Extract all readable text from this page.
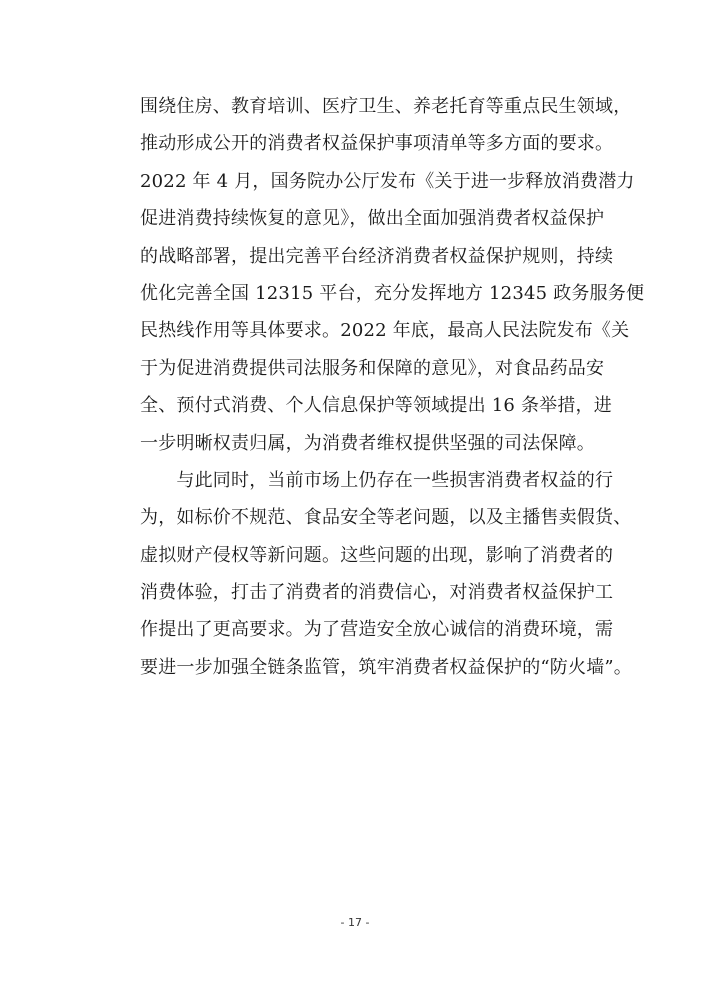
围绕住房、教育培训、医疗卫生、养老托育等重点民生领域，
推动形成公开的消费者权益保护事项清单等多方面的要求。
2022 年 4 月，国务院办公厅发布《关于进一步释放消费潜力
促进消费持续恢复的意见》，做出全面加强消费者权益保护
的战略部署，提出完善平台经济消费者权益保护规则，持续
优化完善全国 12315 平台，充分发挥地方 12345 政务服务便
民热线作用等具体要求。2022 年底，最高人民法院发布《关
于为促进消费提供司法服务和保障的意见》，对食品药品安
全、预付式消费、个人信息保护等领域提出 16 条举措，进
一步明晰权责归属，为消费者维权提供坚强的司法保障。
　　与此同时，当前市场上仍存在一些损害消费者权益的行
为，如标价不规范、食品安全等老问题，以及主播售卖假货、
虚拟财产侵权等新问题。这些问题的出现，影响了消费者的
消费体验，打击了消费者的消费信心，对消费者权益保护工
作提出了更高要求。为了营造安全放心诚信的消费环境，需
要进一步加强全链条监管，筑牢消费者权益保护的“防火墙”。
- 17 -
